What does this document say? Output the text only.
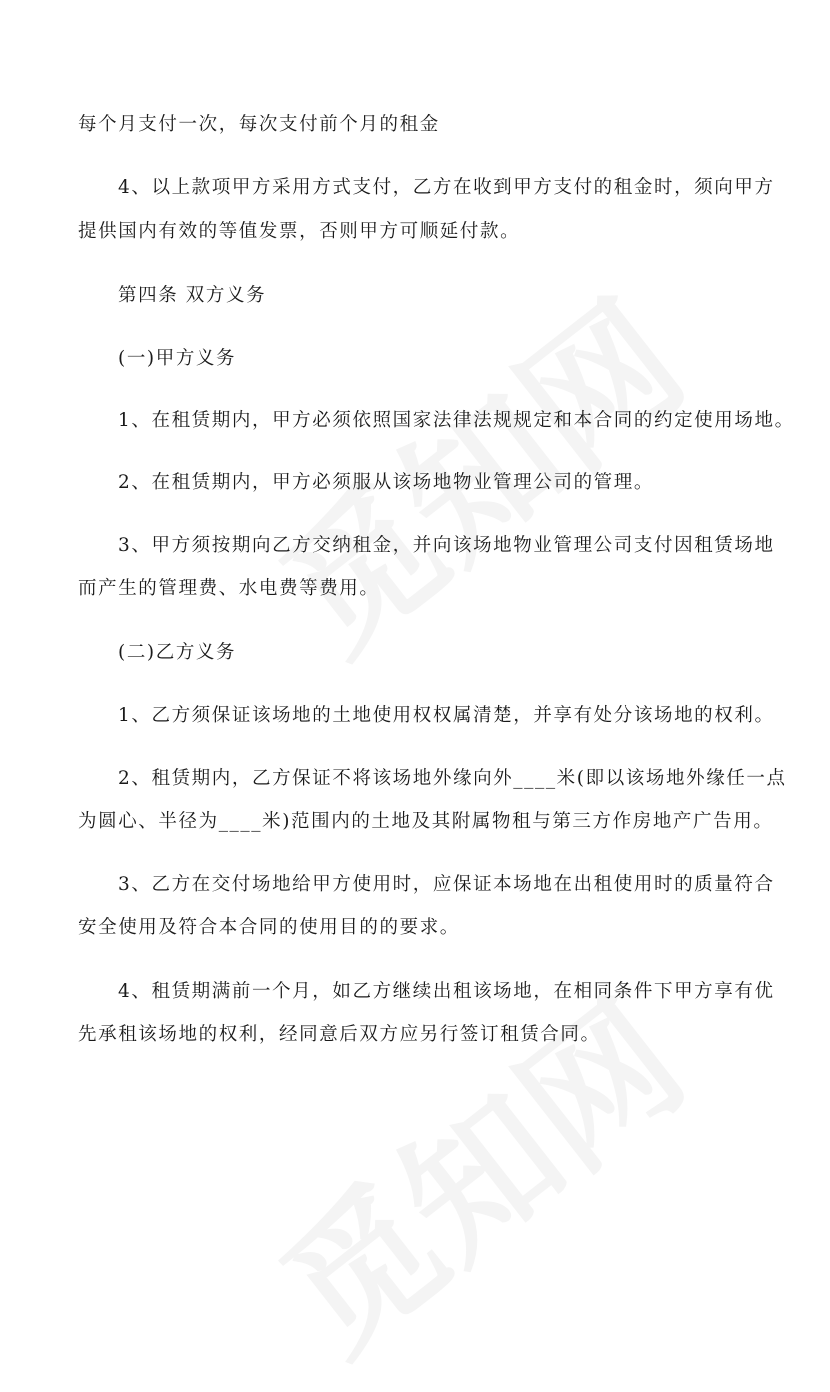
每个月支付一次，每次支付前个月的租金
4、以上款项甲方采用方式支付，乙方在收到甲方支付的租金时，须向甲方
提供国内有效的等值发票，否则甲方可顺延付款。
第四条 双方义务
(一)甲方义务
1、在租赁期内，甲方必须依照国家法律法规规定和本合同的约定使用场地。
2、在租赁期内，甲方必须服从该场地物业管理公司的管理。
3、甲方须按期向乙方交纳租金，并向该场地物业管理公司支付因租赁场地
而产生的管理费、水电费等费用。
(二)乙方义务
1、乙方须保证该场地的土地使用权权属清楚，并享有处分该场地的权利。
2、租赁期内，乙方保证不将该场地外缘向外____米(即以该场地外缘任一点
为圆心、半径为____米)范围内的土地及其附属物租与第三方作房地产广告用。
3、乙方在交付场地给甲方使用时，应保证本场地在出租使用时的质量符合
安全使用及符合本合同的使用目的的要求。
4、租赁期满前一个月，如乙方继续出租该场地，在相同条件下甲方享有优
先承租该场地的权利，经同意后双方应另行签订租赁合同。
